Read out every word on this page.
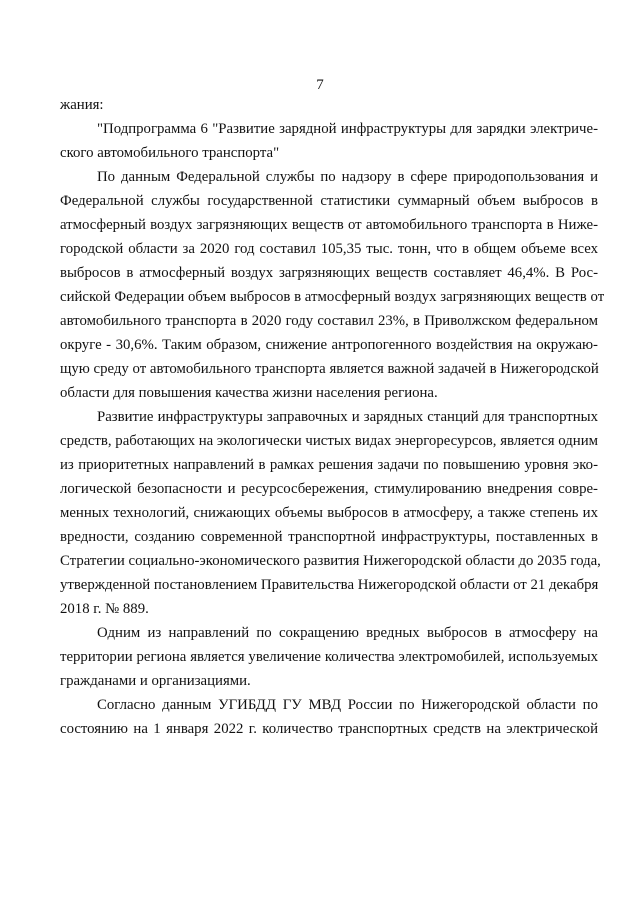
7
жания:
"Подпрограмма 6 "Развитие зарядной инфраструктуры для зарядки электриче-
ского автомобильного транспорта"
По данным Федеральной службы по надзору в сфере природопользования и
Федеральной службы государственной статистики суммарный объем выбросов в
атмосферный воздух загрязняющих веществ от автомобильного транспорта в Ниже-
городской области за 2020 год составил 105,35 тыс. тонн, что в общем объеме всех
выбросов в атмосферный воздух загрязняющих веществ составляет 46,4%. В Рос-
сийской Федерации объем выбросов в атмосферный воздух загрязняющих веществ от
автомобильного транспорта в 2020 году составил 23%, в Приволжском федеральном
округе - 30,6%. Таким образом, снижение антропогенного воздействия на окружаю-
щую среду от автомобильного транспорта является важной задачей в Нижегородской
области для повышения качества жизни населения региона.
Развитие инфраструктуры заправочных и зарядных станций для транспортных
средств, работающих на экологически чистых видах энергоресурсов, является одним
из приоритетных направлений в рамках решения задачи по повышению уровня эко-
логической безопасности и ресурсосбережения, стимулированию внедрения совре-
менных технологий, снижающих объемы выбросов в атмосферу, а также степень их
вредности, созданию современной транспортной инфраструктуры, поставленных в
Стратегии социально-экономического развития Нижегородской области до 2035 года,
утвержденной постановлением Правительства Нижегородской области от 21 декабря
2018 г. № 889.
Одним из направлений по сокращению вредных выбросов в атмосферу на
территории региона является увеличение количества электромобилей, используемых
гражданами и организациями.
Согласно данным УГИБДД ГУ МВД России по Нижегородской области по
состоянию на 1 января 2022 г. количество транспортных средств на электрической
